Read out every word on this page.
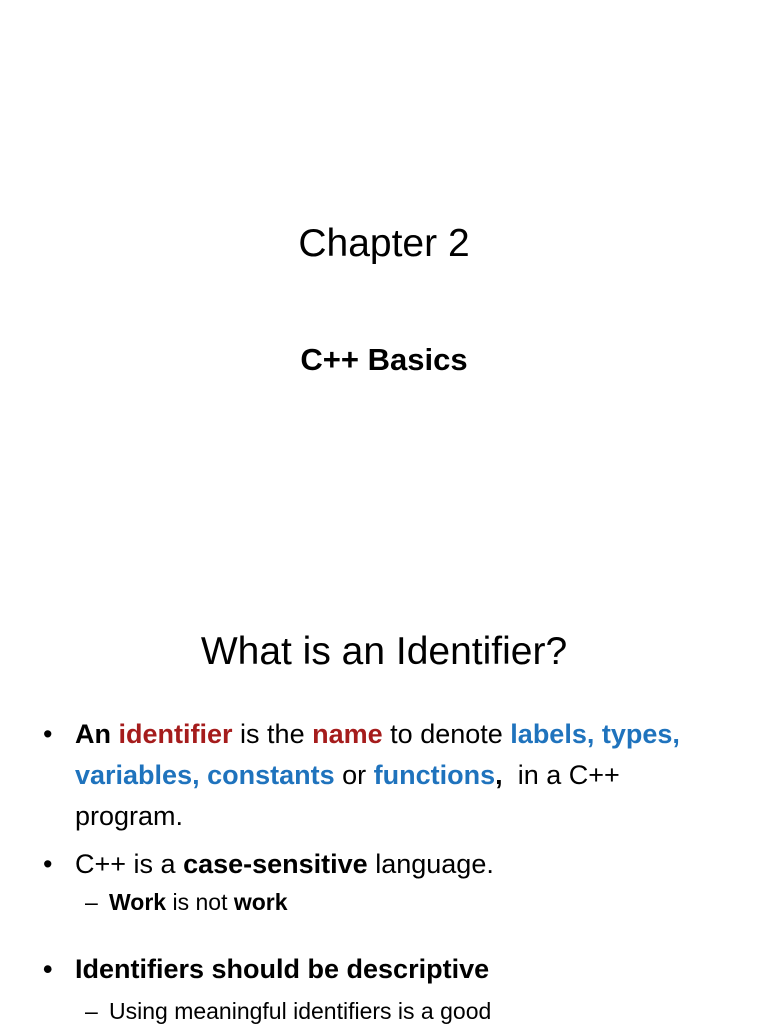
Chapter 2
C++ Basics
What is an Identifier?
• An identifier is the name to denote labels, types, variables, constants or functions, in a C++ program.
• C++ is a case-sensitive language.
– Work is not work
• Identifiers should be descriptive
– Using meaningful identifiers is a good
